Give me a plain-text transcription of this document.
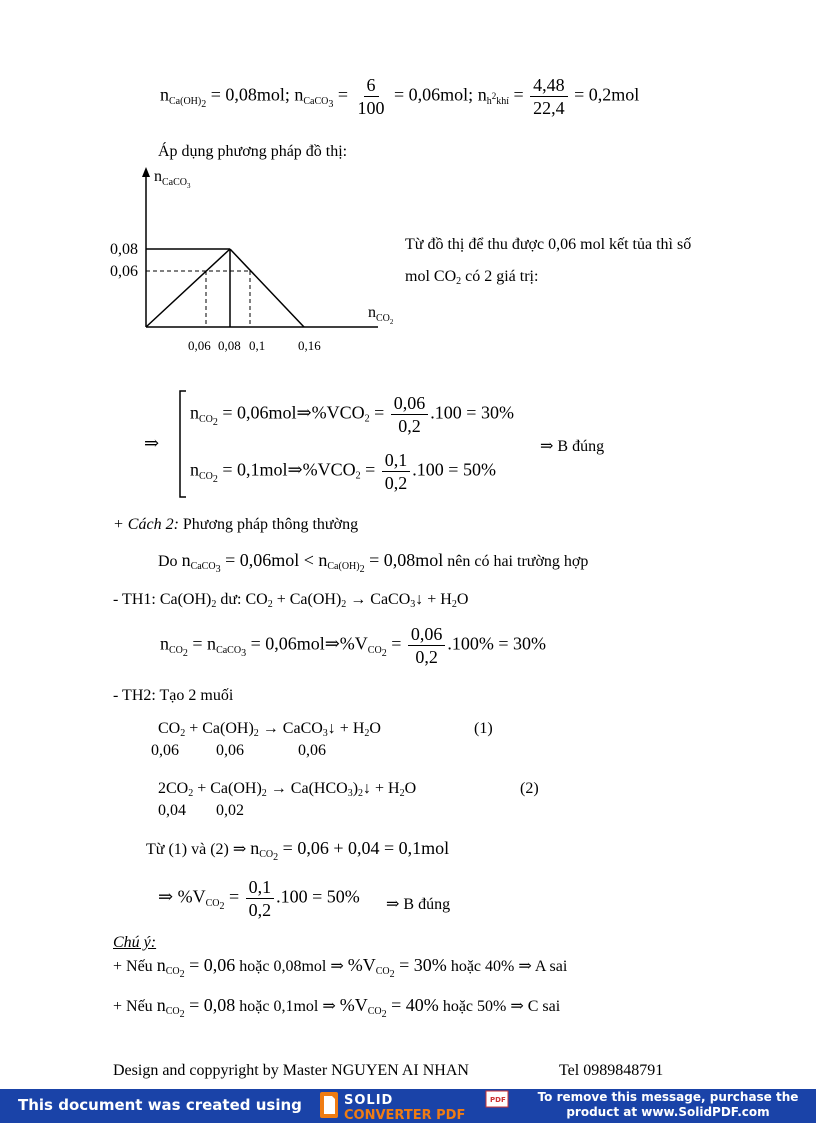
$n_{Ca(OH)_2} = 0,08mol$; $n_{CaCO_3} = \frac{6}{100} = 0,06mol$; $n_{h^2khí} = \frac{4,48}{22,4} = 0,2mol$
Áp dụng phương pháp đồ thị:
$n_{CaCO}3$
$n_{CO}2$
0,08
0,06
0,06 0,08 0,1	0,16
Từ đồ thị để thu được 0,06 mol kết tủa thì số
mol $CO_2$ có 2 giá trị:
⇒
$n_{CO_2}$ = $0,06mol\Rightarrow\%VCO_2 = \frac{0,06}{0,2} .100 = 30\%$
$n_{CO_2}$ = $0,1mol\Rightarrow\%VCO_2 = \frac{0,1}{0,2} .100 = 50\%$
⇒ B đúng
+ Cách 2: Phương pháp thông thường
Do $n_{CaCO_3} = 0,06mol < n_{Ca(OH)_2} = 0,08mol$ nên có hai trường hợp
- TH1: $Ca(OH)_2$ dư: $CO_2 + Ca(OH)_2$ → CaCO$_3$↓ + $H_2O$
$n_{CO_2} = n_{CaCO_3}$ = $0,06mol\Rightarrow\%V_{CO_2} = \frac{0,06}{0,2} .100\% = 30\%$
- TH2: Tạo 2 muối
$CO_2 + Ca(OH)_2$ → CaCO$_3$↓ + $H_2O$	(1)
0,06 0,06	0,06
$2CO_2 + Ca(OH)_2$ → $Ca(HCO_3)_2↓ + H_2O$	(2)
0,04 0,02
Từ (1) và (2) ⇒ $n_{CO_2} = 0,06 + 0,04 = 0,1mol$
⇒ $\%V_{CO_2} = \frac{0,1}{0,2} .100 = 50\%$ ⇒ B đúng
Chú ý:
+ Nếu $n_{CO_2} = 0,06$ hoặc 0,08mol ⇒ $\%V_{CO_2} = 30\%$ hoặc 40% ⇒ A sai
+ Nếu $n_{CO_2} = 0,08$ hoặc 0,1mol ⇒ $\%V_{CO_2} = 40\%$ hoặc 50% ⇒ C sai
Design and coppyright by Master NGUYEN AI NHAN	Tel 0989848791
This document was created using	PDF
SOLID
CONVERTER PDF
To remove this message, purchase the
product at www.SolidPDF.com
